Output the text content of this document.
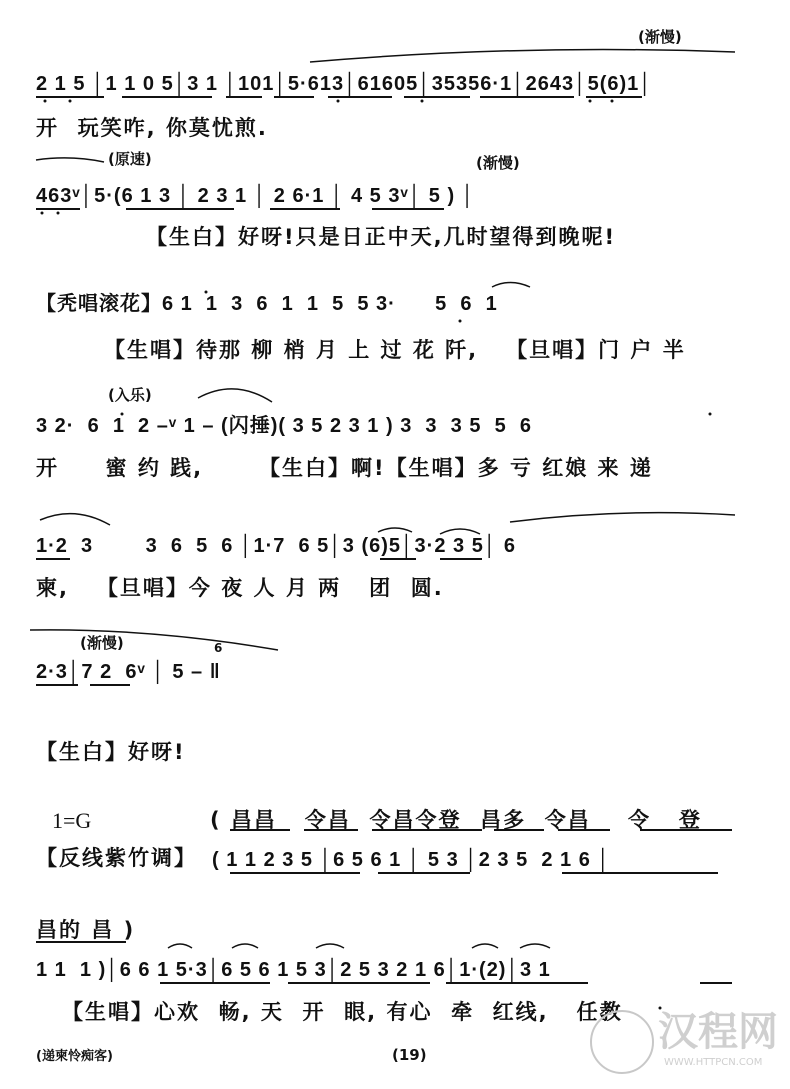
(渐慢)
2 1 5 │1 1 0 5│3 1 │101│5·613│61605│35356·1│2643│5(6)1│
开  玩笑咋, 你莫忧煎.
(原速)	(渐慢)
463ᵛ│5·(6 1 3 │ 2 3 1 │ 2 6·1 │ 4 5 3ᵛ│ 5 ) │
【生白】好呀!只是日正中天,几时望得到晚呢!
【秃唱滚花】6 1  1  3  6  1  1  5  5 3·      5  6  1
【生唱】待那 柳 梢 月 上 过 花 阡,   【旦唱】门 户 半
(入乐)
3 2·  6  1  2 –ᵛ 1 – (闪捶)( 3 5 2 3 1 ) 3  3  3 5  5  6
开     蜜 约 践,      【生白】啊!【生唱】多 亏 红娘 来 递
1·2  3        3  6  5  6 │1·7  6 5│3 (6)5│3·2 3 5│ 6
柬,   【旦唱】今 夜 人 月 两   团  圆.
(渐慢)	6
2·3│7 2  6ᵛ │ 5 – ‖
【生白】好呀!
1=G	( 昌昌   令昌  令昌令登  昌多  令昌    令   登
【反线紫竹调】 ( 1 1 2 3 5 │6 5 6 1 │ 5 3 │2 3 5  2 1 6 │
昌的 昌 )
1 1  1 )│6 6 1 5·3│6 5 6 1 5 3│2 5 3 2 1 6│1·(2)│3 1
【生唱】心欢  畅, 天  开  眼, 有心  牵  红线,   任教
(递柬怜痴客)	(19)	汉程网
WWW.HTTPCN.COM
